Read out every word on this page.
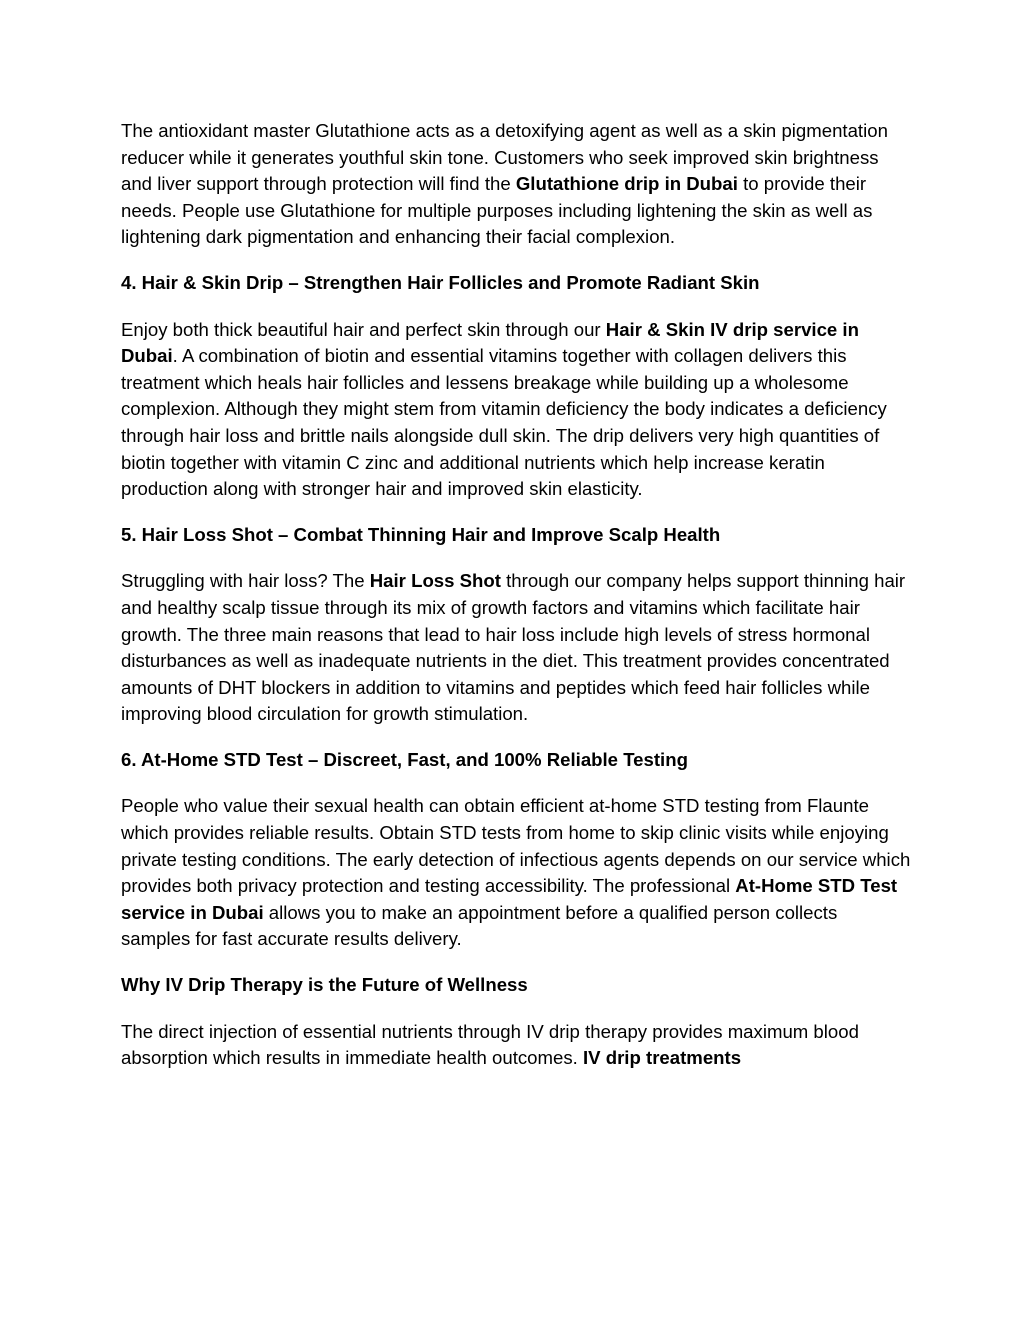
The antioxidant master Glutathione acts as a detoxifying agent as well as a skin pigmentation reducer while it generates youthful skin tone. Customers who seek improved skin brightness and liver support through protection will find the Glutathione drip in Dubai to provide their needs. People use Glutathione for multiple purposes including lightening the skin as well as lightening dark pigmentation and enhancing their facial complexion.

4. Hair & Skin Drip – Strengthen Hair Follicles and Promote Radiant Skin

Enjoy both thick beautiful hair and perfect skin through our Hair & Skin IV drip service in Dubai. A combination of biotin and essential vitamins together with collagen delivers this treatment which heals hair follicles and lessens breakage while building up a wholesome complexion. Although they might stem from vitamin deficiency the body indicates a deficiency through hair loss and brittle nails alongside dull skin. The drip delivers very high quantities of biotin together with vitamin C zinc and additional nutrients which help increase keratin production along with stronger hair and improved skin elasticity.

5. Hair Loss Shot – Combat Thinning Hair and Improve Scalp Health

Struggling with hair loss? The Hair Loss Shot through our company helps support thinning hair and healthy scalp tissue through its mix of growth factors and vitamins which facilitate hair growth. The three main reasons that lead to hair loss include high levels of stress hormonal disturbances as well as inadequate nutrients in the diet. This treatment provides concentrated amounts of DHT blockers in addition to vitamins and peptides which feed hair follicles while improving blood circulation for growth stimulation.

6. At-Home STD Test – Discreet, Fast, and 100% Reliable Testing

People who value their sexual health can obtain efficient at-home STD testing from Flaunte which provides reliable results. Obtain STD tests from home to skip clinic visits while enjoying private testing conditions. The early detection of infectious agents depends on our service which provides both privacy protection and testing accessibility. The professional At-Home STD Test service in Dubai allows you to make an appointment before a qualified person collects samples for fast accurate results delivery.

Why IV Drip Therapy is the Future of Wellness

The direct injection of essential nutrients through IV drip therapy provides maximum blood absorption which results in immediate health outcomes. IV drip treatments
